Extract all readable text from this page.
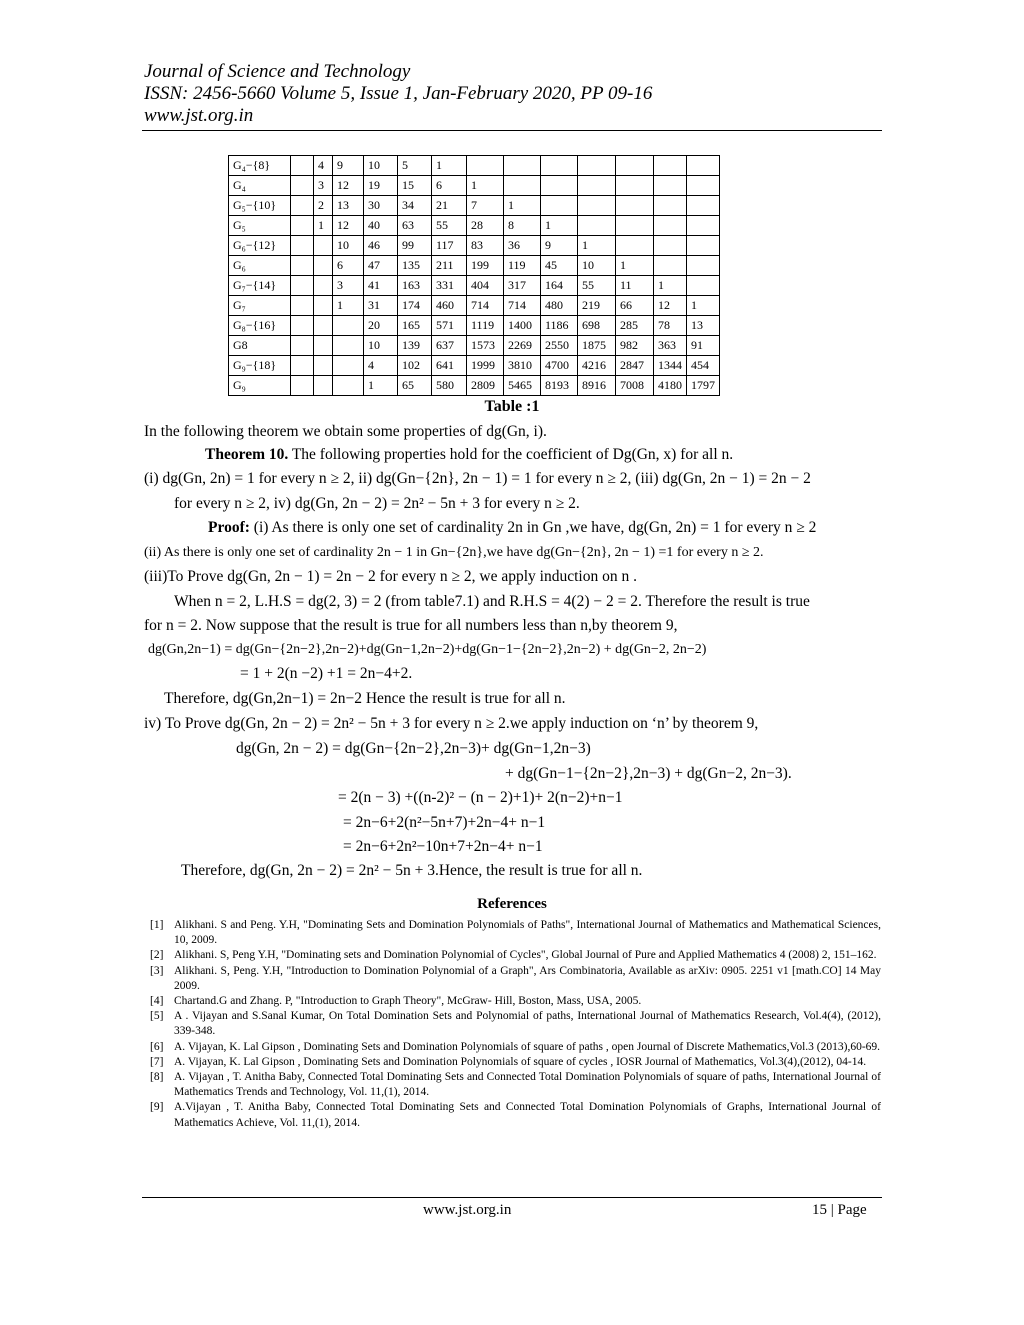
Journal of Science and Technology
ISSN: 2456-5660 Volume 5, Issue 1, Jan-February 2020, PP 09-16
www.jst.org.in
G₄−{8}		4	9	10	5	1							
G₄		3	12	19	15	6	1						
G₅−{10}		2	13	30	34	21	7	1					
G₅		1	12	40	63	55	28	8	1				
G₆−{12}			10	46	99	117	83	36	9	1			
G₆			6	47	135	211	199	119	45	10	1		
G₇−{14}			3	41	163	331	404	317	164	55	11	1	
G₇			1	31	174	460	714	714	480	219	66	12	1
G₈−{16}				20	165	571	1119	1400	1186	698	285	78	13
G8				10	139	637	1573	2269	2550	1875	982	363	91
G₉−{18}				4	102	641	1999	3810	4700	4216	2847	1344	454
G₉				1	65	580	2809	5465	8193	8916	7008	4180	1797
Table :1
In the following theorem we obtain some properties of dg(Gn, i).
Theorem 10. The following properties hold for the coefficient of Dg(Gn, x) for all n.
(i) dg(Gn, 2n) = 1 for every n ≥ 2, ii) dg(Gn−{2n}, 2n − 1) = 1 for every n ≥ 2, (iii) dg(Gn, 2n − 1) = 2n − 2
for every n ≥ 2, iv) dg(Gn, 2n − 2) = 2n² − 5n + 3 for every n ≥ 2.
Proof: (i) As there is only one set of cardinality 2n in Gn ,we have, dg(Gn, 2n) = 1 for every n ≥ 2
(ii) As there is only one set of cardinality 2n − 1 in Gn−{2n},we have dg(Gn−{2n}, 2n − 1) =1 for every n ≥ 2.
(iii)To Prove dg(Gn, 2n − 1) = 2n − 2 for every n ≥ 2, we apply induction on n .
When n = 2, L.H.S = dg(2, 3) = 2 (from table7.1) and R.H.S = 4(2) − 2 = 2. Therefore the result is true
for n = 2. Now suppose that the result is true for all numbers less than n,by theorem 9,
dg(Gn,2n−1) = dg(Gn−{2n−2},2n−2)+dg(Gn−1,2n−2)+dg(Gn−1−{2n−2},2n−2) + dg(Gn−2, 2n−2)
= 1 + 2(n −2) +1 = 2n−4+2.
Therefore, dg(Gn,2n−1) = 2n−2 Hence the result is true for all n.
iv) To Prove dg(Gn, 2n − 2) = 2n² − 5n + 3 for every n ≥ 2.we apply induction on ‘n’ by theorem 9,
dg(Gn, 2n − 2) = dg(Gn−{2n−2},2n−3)+ dg(Gn−1,2n−3)
+ dg(Gn−1−{2n−2},2n−3) + dg(Gn−2, 2n−3).
= 2(n − 3) +((n-2)² − (n − 2)+1)+ 2(n−2)+n−1
= 2n−6+2(n²−5n+7)+2n−4+ n−1
= 2n−6+2n²−10n+7+2n−4+ n−1
Therefore, dg(Gn, 2n − 2) = 2n² − 5n + 3.Hence, the result is true for all n.
References
[1] Alikhani. S and Peng. Y.H, "Dominating Sets and Domination Polynomials of Paths", International Journal of Mathematics and Mathematical Sciences, 10, 2009.
[2] Alikhani. S, Peng Y.H, "Dominating sets and Domination Polynomial of Cycles", Global Journal of Pure and Applied Mathematics 4 (2008) 2, 151–162.
[3] Alikhani. S, Peng. Y.H, "Introduction to Domination Polynomial of a Graph", Ars Combinatoria, Available as arXiv: 0905. 2251 v1 [math.CO] 14 May 2009.
[4] Chartand.G and Zhang. P, "Introduction to Graph Theory", McGraw- Hill, Boston, Mass, USA, 2005.
[5] A . Vijayan and S.Sanal Kumar, On Total Domination Sets and Polynomial of paths, International Journal of Mathematics Research, Vol.4(4), (2012), 339-348.
[6] A. Vijayan, K. Lal Gipson , Dominating Sets and Domination Polynomials of square of paths , open Journal of Discrete Mathematics,Vol.3 (2013),60-69.
[7] A. Vijayan, K. Lal Gipson , Dominating Sets and Domination Polynomials of square of cycles , IOSR Journal of Mathematics, Vol.3(4),(2012), 04-14.
[8] A. Vijayan , T. Anitha Baby, Connected Total Dominating Sets and Connected Total Domination Polynomials of square of paths, International Journal of Mathematics Trends and Technology, Vol. 11,(1), 2014.
[9] A.Vijayan , T. Anitha Baby, Connected Total Dominating Sets and Connected Total Domination Polynomials of Graphs, International Journal of Mathematics Achieve, Vol. 11,(1), 2014.
www.jst.org.in	15 | Page
